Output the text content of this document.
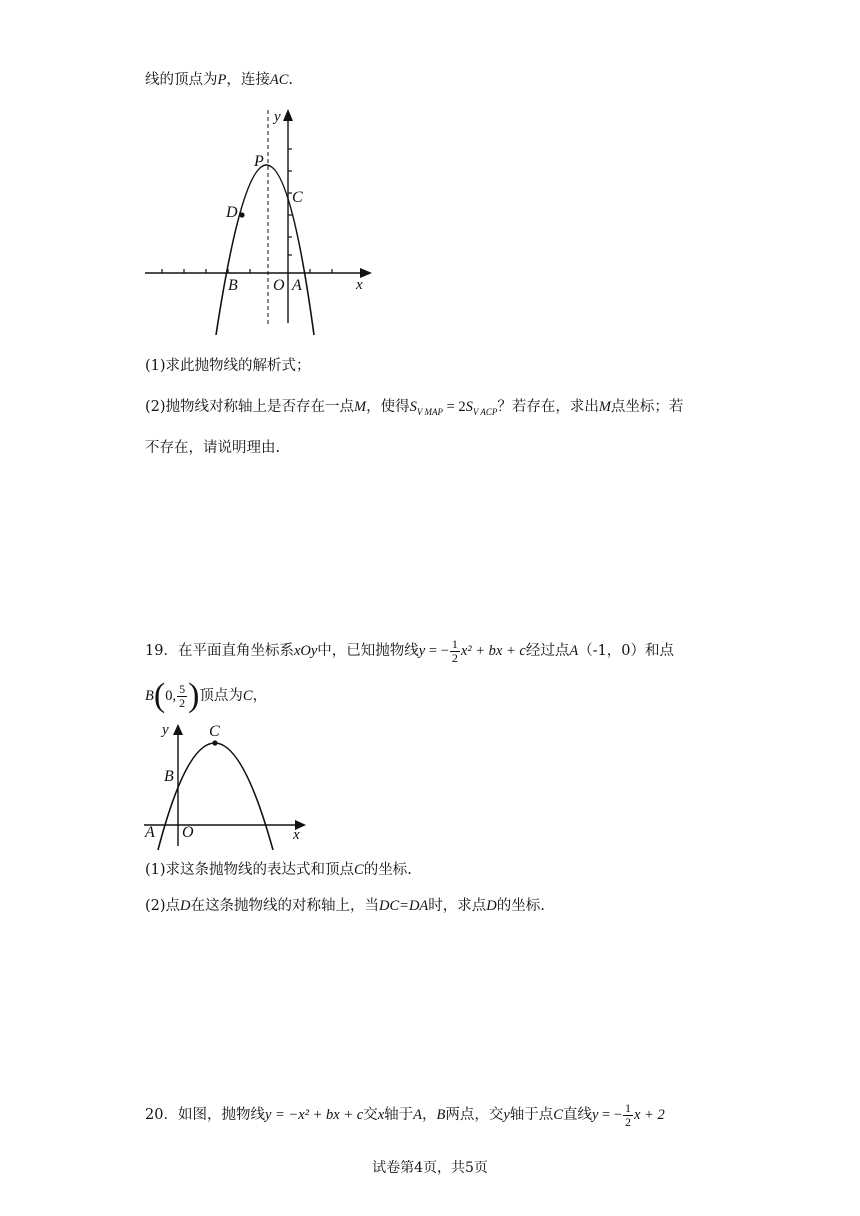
线的顶点为P，连接AC.
y
P
C
D
B O A	x
(1)求此抛物线的解析式；
(2)抛物线对称轴上是否存在一点M，使得$S_{V MAP} = 2S_{V ACP}$？若存在，求出M点坐标；若
不存在，请说明理由.
19．在平面直角坐标系xOy中，已知抛物线y = − $\frac{1}{2} x^2$ + bx + c经过点A（-1，0）和点
B(0, $\frac{5}{2}$ )顶点为C，
y	C
B
A O	x
(1)求这条抛物线的表达式和顶点C的坐标.
(2)点D在这条抛物线的对称轴上，当DC=DA时，求点D的坐标.
20．如图，抛物线y = −x² + bx + c交x轴于A，B两点，交y轴于点C直线y = − $\frac{1}{2}$ x + 2
试卷第4页，共5页
